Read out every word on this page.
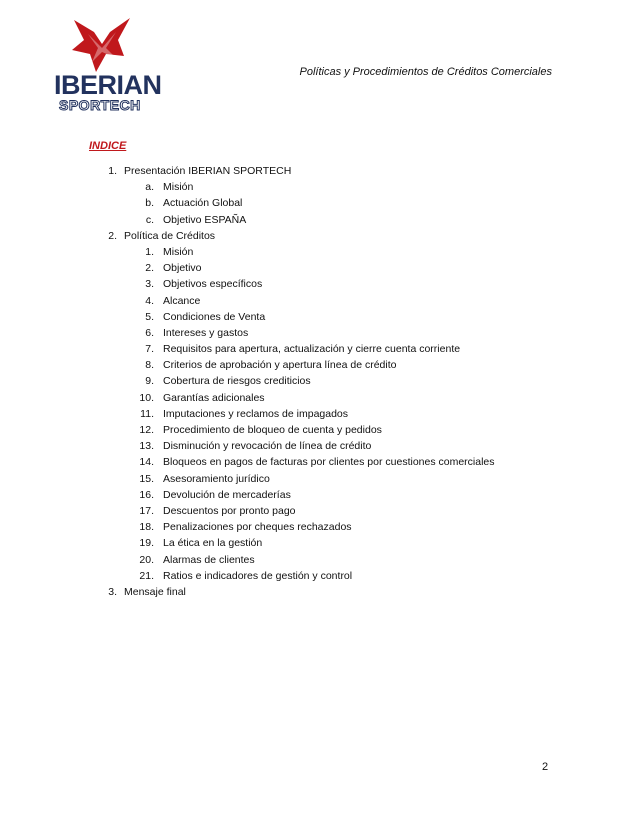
IBERIAN
SPORTECH
Políticas y Procedimientos de Créditos Comerciales
INDICE
1. Presentación IBERIAN SPORTECH
a. Misión
b. Actuación Global
c. Objetivo ESPAÑA
2. Política de Créditos
1. Misión
2. Objetivo
3. Objetivos específicos
4. Alcance
5. Condiciones de Venta
6. Intereses y gastos
7. Requisitos para apertura, actualización y cierre cuenta corriente
8. Criterios de aprobación y apertura línea de crédito
9. Cobertura de riesgos crediticios
10. Garantías adicionales
11. Imputaciones y reclamos de impagados
12. Procedimiento de bloqueo de cuenta y pedidos
13. Disminución y revocación de línea de crédito
14. Bloqueos en pagos de facturas por clientes por cuestiones comerciales
15. Asesoramiento jurídico
16. Devolución de mercaderías
17. Descuentos por pronto pago
18. Penalizaciones por cheques rechazados
19. La ética en la gestión
20. Alarmas de clientes
21. Ratios e indicadores de gestión y control
3. Mensaje final
2
